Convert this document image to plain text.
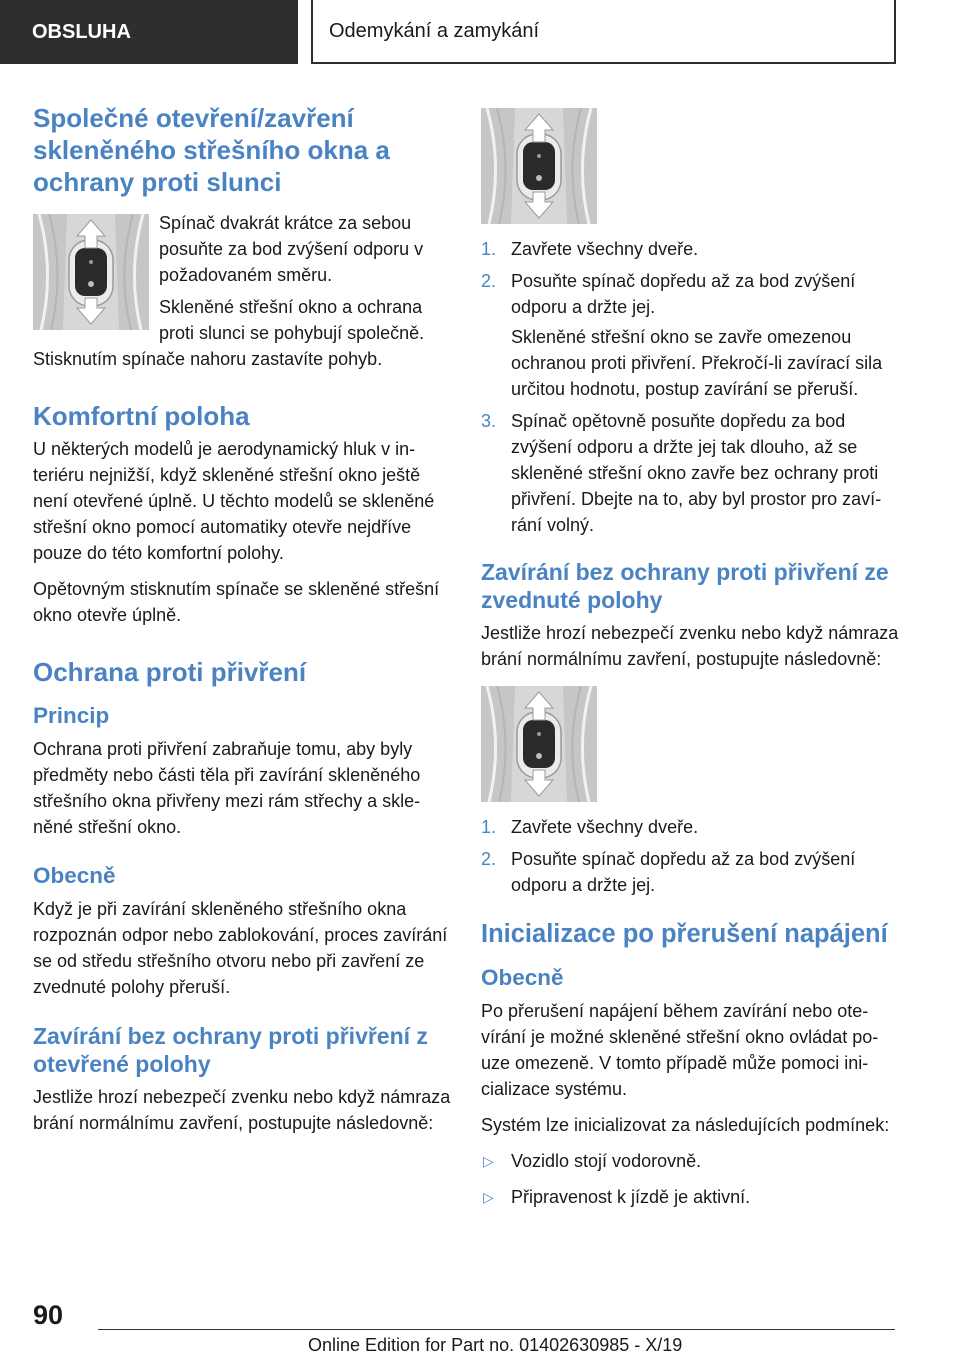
OBSLUHA	Odemykání a zamykání
Společné otevření/zavření skleněného střešního okna a ochrany proti slunci

Spínač dvakrát krátce za sebou posuňte za bod zvýšení odporu v požadovaném směru.

Skleněné střešní okno a ochrana proti slunci se pohybují společně. Stisknutím spínače nahoru zastavíte pohyb.

Komfortní poloha

U některých modelů je aerodynamický hluk v interiéru nejnižší, když skleněné střešní okno ještě není otevřené úplně. U těchto modelů se skleněné střešní okno pomocí automatiky otevře nejdříve pouze do této komfortní polohy.

Opětovným stisknutím spínače se skleněné střešní okno otevře úplně.

Ochrana proti přivření
Princip

Ochrana proti přivření zabraňuje tomu, aby byly předměty nebo části těla při zavírání skleněného střešního okna přivřeny mezi rám střechy a skleněné střešní okno.

Obecně

Když je při zavírání skleněného střešního okna rozpoznán odpor nebo zablokování, proces zavírání se od středu střešního otvoru nebo při zavření ze zvednuté polohy přeruší.

Zavírání bez ochrany proti přivření z otevřené polohy

Jestliže hrozí nebezpečí zvenku nebo když námraza brání normálnímu zavření, postupujte následovně:

1. Zavřete všechny dveře.
2. Posuňte spínač dopředu až za bod zvýšení odporu a držte jej.

Skleněné střešní okno se zavře omezenou ochranou proti přivření. Překročí-li zavírací sila určitou hodnotu, postup zavírání se přeruší.

3. Spínač opětovně posuňte dopředu za bod zvýšení odporu a držte jej tak dlouho, až se skleněné střešní okno zavře bez ochrany proti přivření. Dbejte na to, aby byl prostor pro zavírání volný.
Zavírání bez ochrany proti přivření ze zvednuté polohy

Jestliže hrozí nebezpečí zvenku nebo když námraza brání normálnímu zavření, postupujte následovně:

1. Zavřete všechny dveře.
2. Posuňte spínač dopředu až za bod zvýšení odporu a držte jej.
Inicializace po přerušení napájení
Obecně

Po přerušení napájení během zavírání nebo otevírání je možné skleněné střešní okno ovládat pouze omezeně. V tomto případě může pomoci inicializace systému.

Systém lze inicializovat za následujících podmínek:

▷ Vozidlo stojí vodorovně.
▷ Připravenost k jízdě je aktivní.
90
Online Edition for Part no. 01402630985 - X/19
